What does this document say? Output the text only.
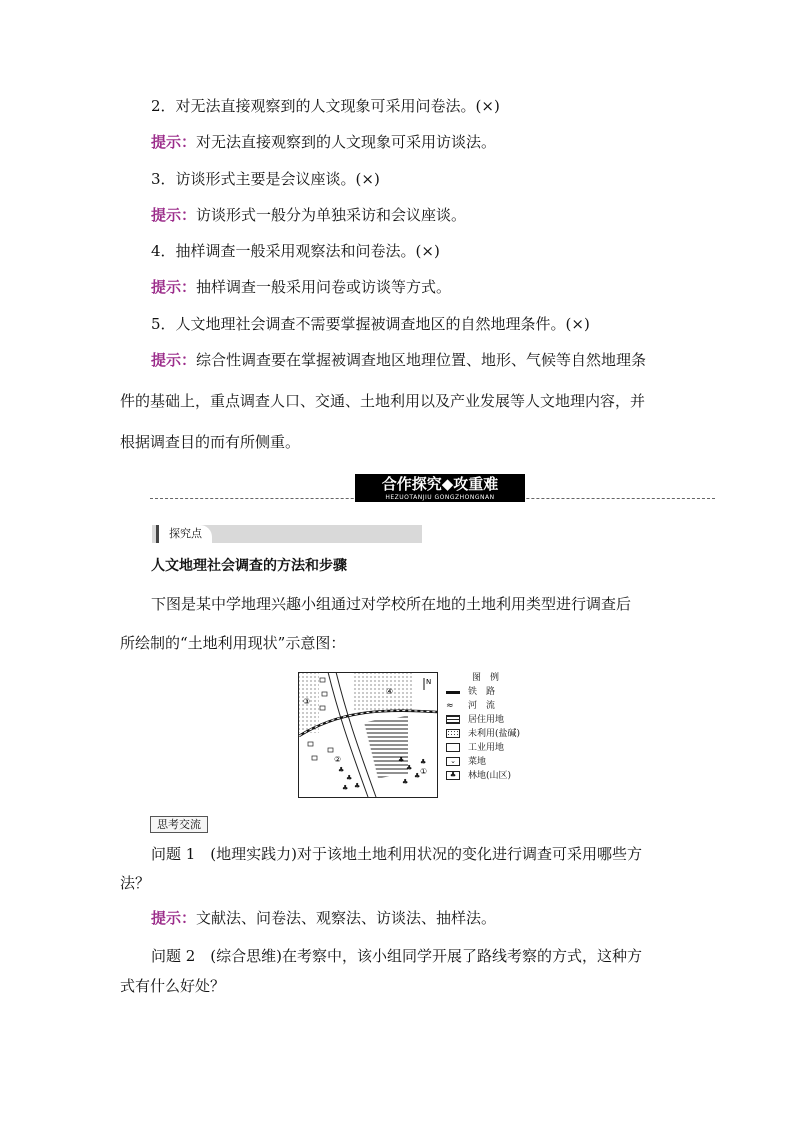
2．对无法直接观察到的人文现象可采用问卷法。(×)
提示：对无法直接观察到的人文现象可采用访谈法。
3．访谈形式主要是会议座谈。(×)
提示：访谈形式一般分为单独采访和会议座谈。
4．抽样调查一般采用观察法和问卷法。(×)
提示：抽样调查一般采用问卷或访谈等方式。
5．人文地理社会调查不需要掌握被调查地区的自然地理条件。(×)
提示：综合性调查要在掌握被调查地区地理位置、地形、气候等自然地理条
件的基础上，重点调查人口、交通、土地利用以及产业发展等人文地理内容，并
根据调查目的而有所侧重。
合作探究◆攻重难
HEZUOTANJIU GONGZHONGNAN
探究点
人文地理社会调查的方法和步骤
下图是某中学地理兴趣小组通过对学校所在地的土地利用类型进行调查后
所绘制的“土地利用现状”示意图：
♣
♣
♣
♣
♣
♣
♣
♣
♣
③
④
②
①
N	图　例
铁　路
≈	河　流
居住用地
未利用(盐碱)
工业用地
⌄	菜地
♣	林地(山区)
思考交流
问题 1　(地理实践力)对于该地土地利用状况的变化进行调查可采用哪些方
法？
提示：文献法、问卷法、观察法、访谈法、抽样法。
问题 2　(综合思维)在考察中，该小组同学开展了路线考察的方式，这种方
式有什么好处？
